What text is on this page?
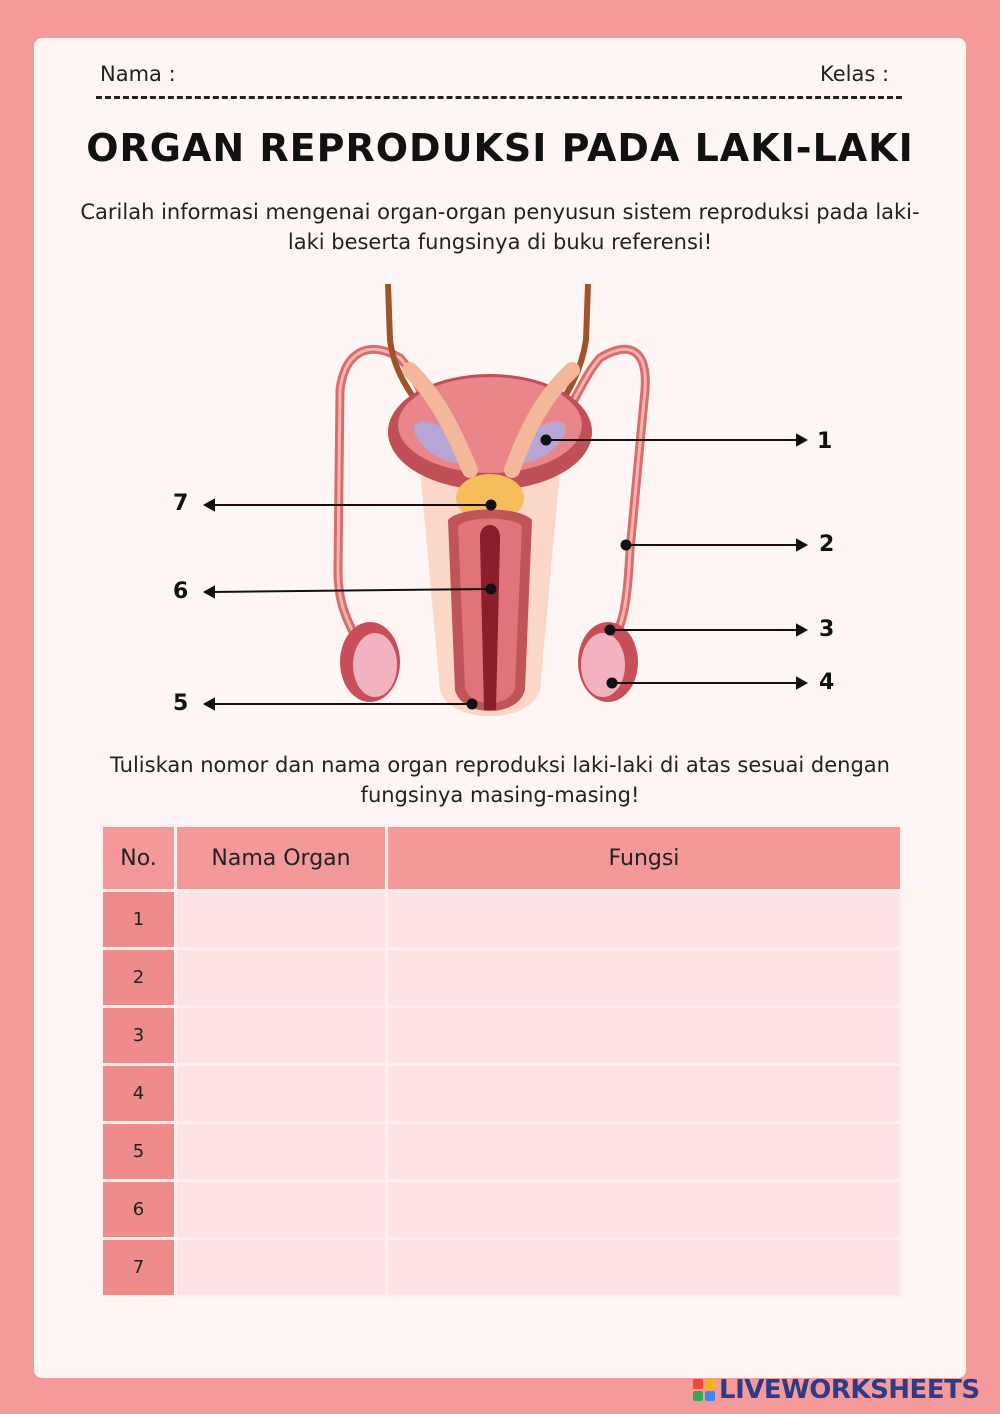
Nama :	Kelas :
ORGAN REPRODUKSI PADA LAKI-LAKI
Carilah informasi mengenai organ-organ penyusun sistem reproduksi pada laki-laki beserta fungsinya di buku referensi!
1
2
3
4
5
6
7
Tuliskan nomor dan nama organ reproduksi laki-laki di atas sesuai dengan fungsinya masing-masing!
No.	Nama Organ	Fungsi
1		
2		
3		
4		
5		
6		
7		
LIVEWORKSHEETS
